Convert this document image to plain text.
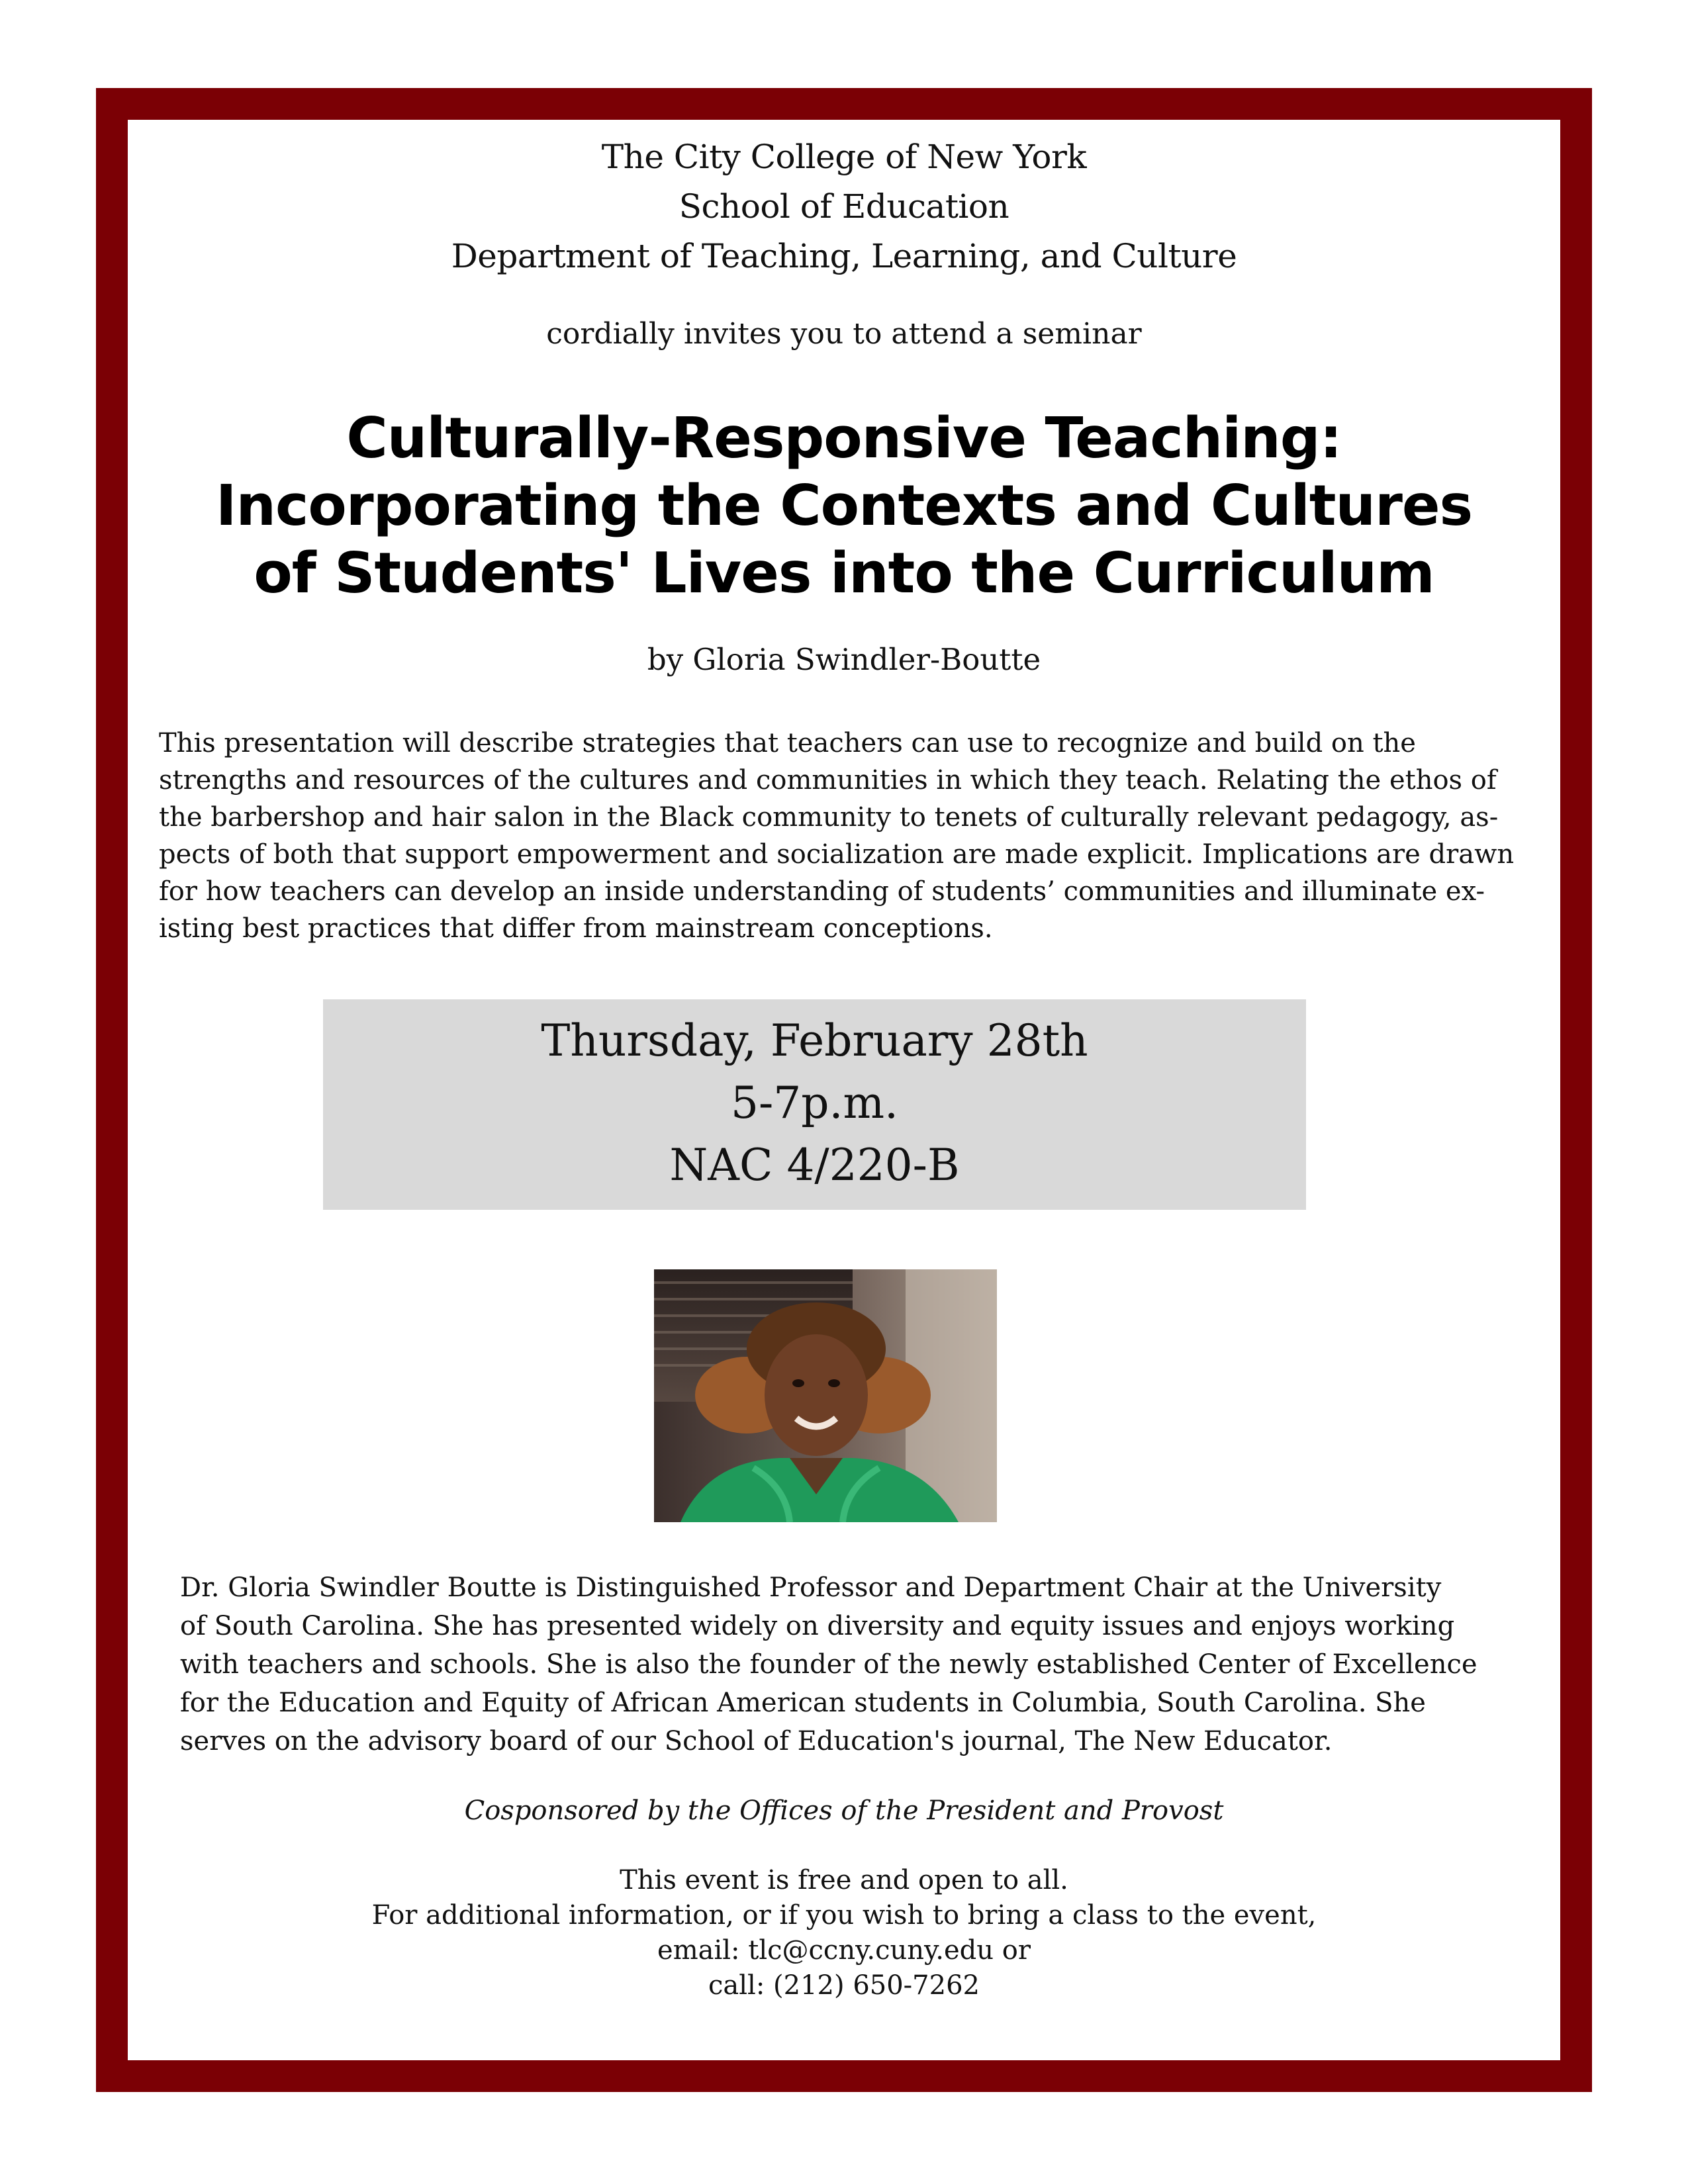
The City College of New York
School of Education
Department of Teaching, Learning, and Culture
cordially invites you to attend a seminar
Culturally-Responsive Teaching:
Incorporating the Contexts and Cultures
of Students' Lives into the Curriculum
by Gloria Swindler-Boutte
This presentation will describe strategies that teachers can use to recognize and build on the
strengths and resources of the cultures and communities in which they teach. Relating the ethos of
the barbershop and hair salon in the Black community to tenets of culturally relevant pedagogy, as-
pects of both that support empowerment and socialization are made explicit. Implications are drawn
for how teachers can develop an inside understanding of students’ communities and illuminate ex-
isting best practices that differ from mainstream conceptions.
Thursday, February 28th
5-7p.m.
NAC 4/220-B
Dr. Gloria Swindler Boutte is Distinguished Professor and Department Chair at the University
of South Carolina. She has presented widely on diversity and equity issues and enjoys working
with teachers and schools. She is also the founder of the newly established Center of Excellence
for the Education and Equity of African American students in Columbia, South Carolina. She
serves on the advisory board of our School of Education's journal, The New Educator.
Cosponsored by the Offices of the President and Provost
This event is free and open to all.
For additional information, or if you wish to bring a class to the event,
email: tlc@ccny.cuny.edu or
call: (212) 650-7262
